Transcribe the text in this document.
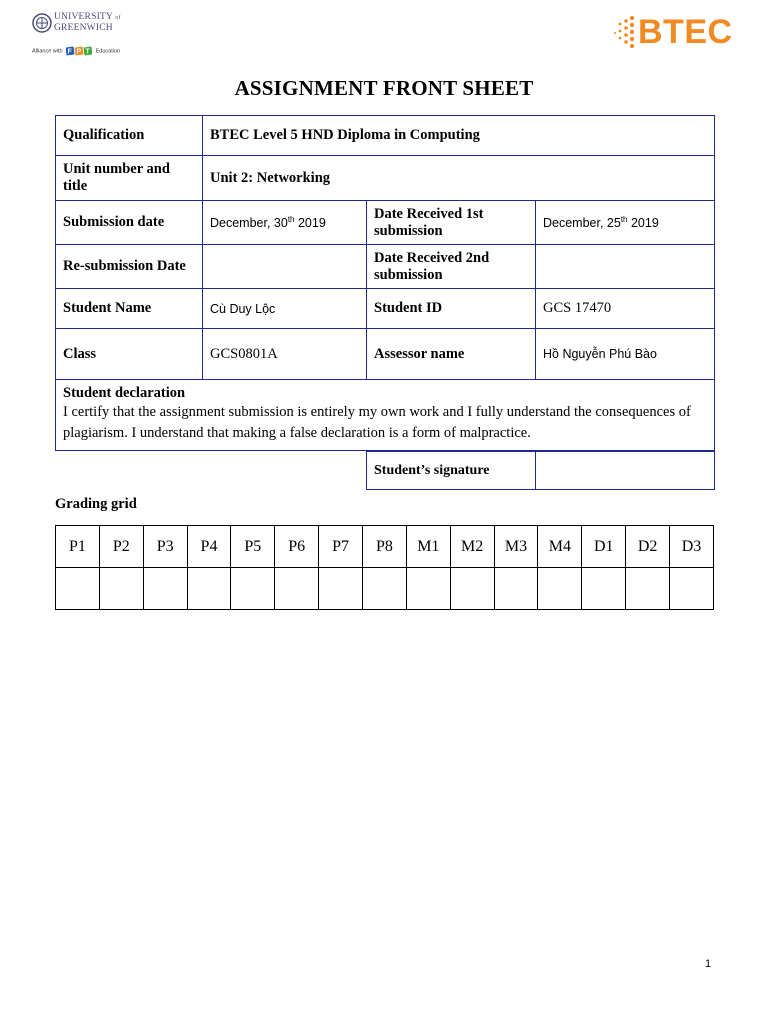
UNIVERSITY of
GREENWICH
Alliance with F P T Education
BTEC
ASSIGNMENT FRONT SHEET
Qualification	BTEC Level 5 HND Diploma in Computing		
Unit number and title	Unit 2: Networking		
Submission date	December, 30th 2019	Date Received 1st submission	December, 25th 2019
Re-submission Date		Date Received 2nd submission	
Student Name	Cù Duy Lộc	Student ID	GCS 17470
Class	GCS0801A	Assessor name	Hồ Nguyễn Phú Bào

Student declaration
I certify that the assignment submission is entirely my own work and I fully understand the consequences of plagiarism. I understand that making a false declaration is a form of malpractice.			
Student’s signature	
Grading grid
P1	P2	P3	P4	P5	P6	P7	P8	M1	M2	M3	M4	D1	D2	D3

1
